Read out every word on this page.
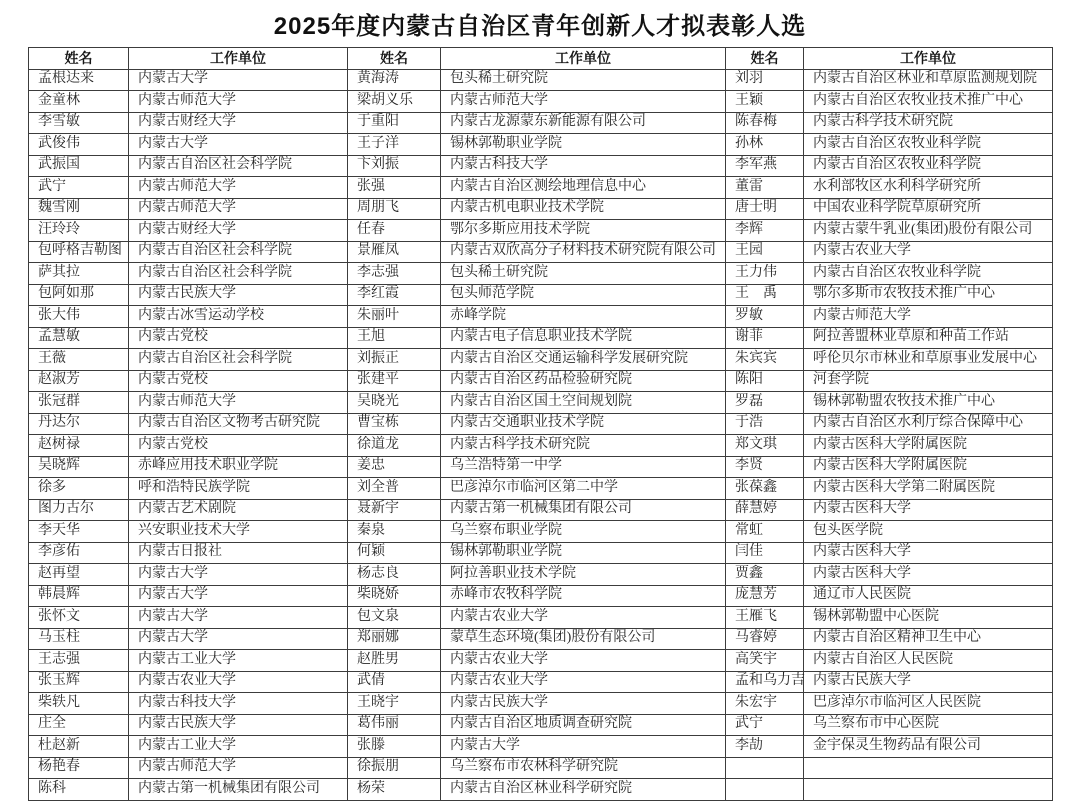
2025年度内蒙古自治区青年创新人才拟表彰人选
姓名	工作单位	姓名	工作单位	姓名	工作单位
孟根达来	内蒙古大学	黄海涛	包头稀土研究院	刘羽	内蒙古自治区林业和草原监测规划院
金童林	内蒙古师范大学	梁胡义乐	内蒙古师范大学	王颖	内蒙古自治区农牧业技术推广中心
李雪敏	内蒙古财经大学	于重阳	内蒙古龙源蒙东新能源有限公司	陈春梅	内蒙古科学技术研究院
武俊伟	内蒙古大学	王子洋	锡林郭勒职业学院	孙林	内蒙古自治区农牧业科学院
武振国	内蒙古自治区社会科学院	卞刘振	内蒙古科技大学	李军燕	内蒙古自治区农牧业科学院
武宁	内蒙古师范大学	张强	内蒙古自治区测绘地理信息中心	董雷	水利部牧区水利科学研究所
魏雪刚	内蒙古师范大学	周朋飞	内蒙古机电职业技术学院	唐士明	中国农业科学院草原研究所
汪玲玲	内蒙古财经大学	任春	鄂尔多斯应用技术学院	李辉	内蒙古蒙牛乳业(集团)股份有限公司
包呼格吉勒图	内蒙古自治区社会科学院	景雁凤	内蒙古双欣高分子材料技术研究院有限公司	王园	内蒙古农业大学
萨其拉	内蒙古自治区社会科学院	李志强	包头稀土研究院	王力伟	内蒙古自治区农牧业科学院
包阿如那	内蒙古民族大学	李红霞	包头师范学院	王　禹	鄂尔多斯市农牧技术推广中心
张大伟	内蒙古冰雪运动学校	朱丽叶	赤峰学院	罗敏	内蒙古师范大学
孟慧敏	内蒙古党校	王旭	内蒙古电子信息职业技术学院	谢菲	阿拉善盟林业草原和种苗工作站
王薇	内蒙古自治区社会科学院	刘振正	内蒙古自治区交通运输科学发展研究院	朱宾宾	呼伦贝尔市林业和草原事业发展中心
赵淑芳	内蒙古党校	张建平	内蒙古自治区药品检验研究院	陈阳	河套学院
张冠群	内蒙古师范大学	吴晓光	内蒙古自治区国土空间规划院	罗磊	锡林郭勒盟农牧技术推广中心
丹达尔	内蒙古自治区文物考古研究院	曹宝栋	内蒙古交通职业技术学院	于浩	内蒙古自治区水利厅综合保障中心
赵树禄	内蒙古党校	徐道龙	内蒙古科学技术研究院	郑文琪	内蒙古医科大学附属医院
吴晓辉	赤峰应用技术职业学院	姜忠	乌兰浩特第一中学	李贤	内蒙古医科大学附属医院
徐多	呼和浩特民族学院	刘全普	巴彦淖尔市临河区第二中学	张葆鑫	内蒙古医科大学第二附属医院
图力古尔	内蒙古艺术剧院	聂新宇	内蒙古第一机械集团有限公司	薛慧婷	内蒙古医科大学
李天华	兴安职业技术大学	秦泉	乌兰察布职业学院	常虹	包头医学院
李彦佑	内蒙古日报社	何颖	锡林郭勒职业学院	闫佳	内蒙古医科大学
赵再望	内蒙古大学	杨志良	阿拉善职业技术学院	贾鑫	内蒙古医科大学
韩晨辉	内蒙古大学	柴晓娇	赤峰市农牧科学院	庞慧芳	通辽市人民医院
张怀文	内蒙古大学	包文泉	内蒙古农业大学	王雁飞	锡林郭勒盟中心医院
马玉柱	内蒙古大学	郑丽娜	蒙草生态环境(集团)股份有限公司	马睿婷	内蒙古自治区精神卫生中心
王志强	内蒙古工业大学	赵胜男	内蒙古农业大学	高笑宇	内蒙古自治区人民医院
张玉辉	内蒙古农业大学	武倩	内蒙古农业大学	孟和乌力吉	内蒙古民族大学
柴轶凡	内蒙古科技大学	王晓宇	内蒙古民族大学	朱宏宇	巴彦淖尔市临河区人民医院
庄全	内蒙古民族大学	葛伟丽	内蒙古自治区地质调查研究院	武宁	乌兰察布市中心医院
杜赵新	内蒙古工业大学	张滕	内蒙古大学	李劼	金宇保灵生物药品有限公司
杨艳春	内蒙古师范大学	徐振朋	乌兰察布市农林科学研究院		
陈科	内蒙古第一机械集团有限公司	杨荣	内蒙古自治区林业科学研究院		
